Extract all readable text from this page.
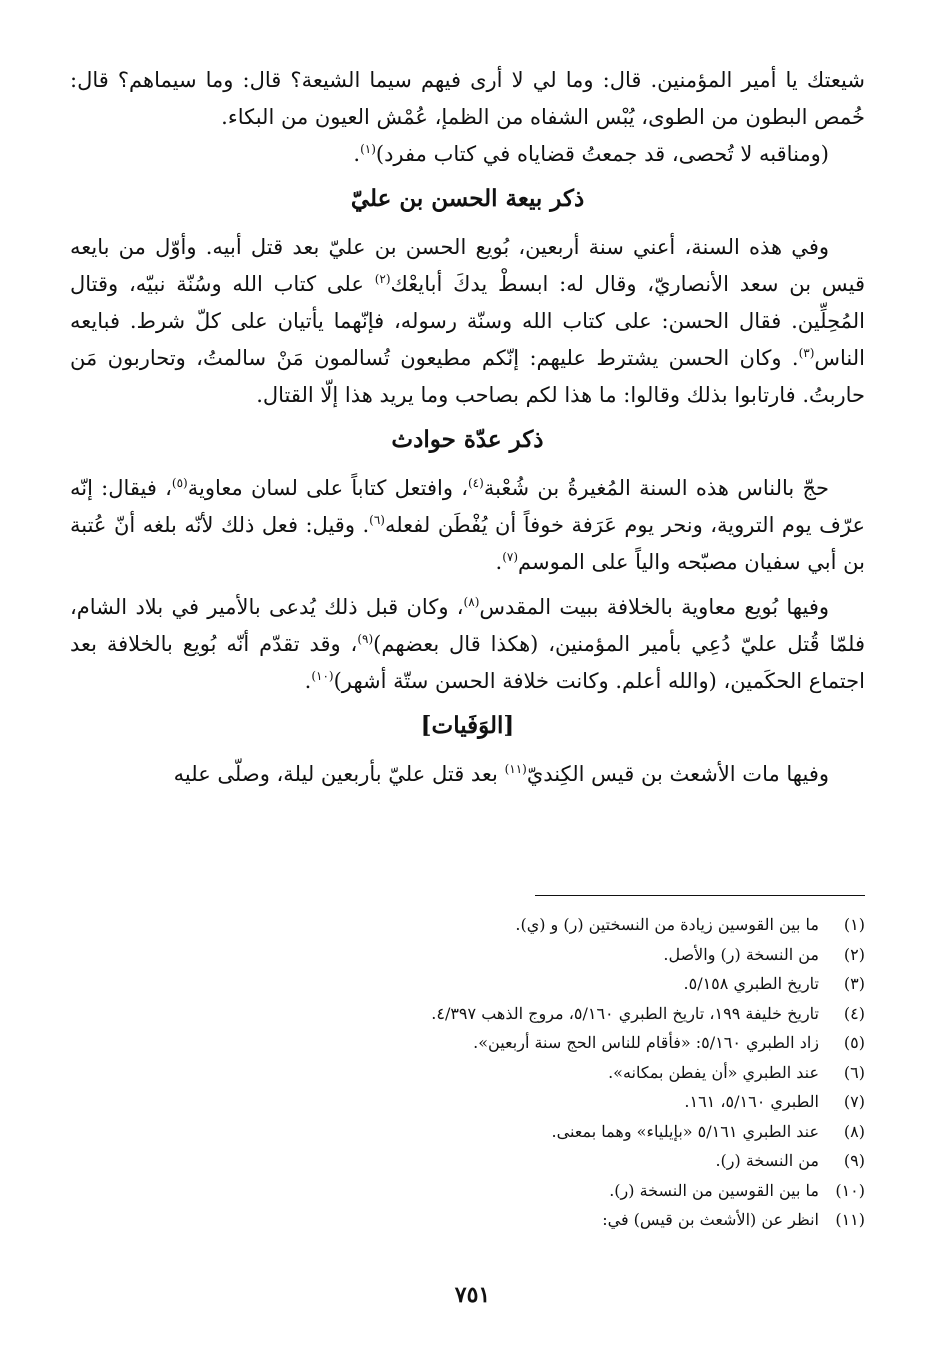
شيعتك يا أمير المؤمنين. قال: وما لي لا أرى فيهم سيما الشيعة؟ قال: وما سيماهم؟ قال: خُمص البطون من الطوى، يُبْس الشفاه من الظمإ، عُمْش العيون من البكاء.

(ومناقبه لا تُحصى، قد جمعتُ قضاياه في كتاب مفرد)$^{(١)}$.

ذكر بيعة الحسن بن عليّ

وفي هذه السنة، أعني سنة أربعين، بُويع الحسن بن عليّ بعد قتل أبيه. وأوّل من بايعه قيس بن سعد الأنصاريّ، وقال له: ابسطْ يدكَ أبايعْك$^{(٢)}$ على كتاب الله وسُنّة نبيّه، وقتال المُحِلِّين. فقال الحسن: على كتاب الله وسنّة رسوله، فإنّهما يأتيان على كلّ شرط. فبايعه الناس$^{(٣)}$. وكان الحسن يشترط عليهم: إنّكم مطيعون تُسالمون مَنْ سالمتُ، وتحاربون مَن حاربتُ. فارتابوا بذلك وقالوا: ما هذا لكم بصاحب وما يريد هذا إلّا القتال.

ذكر عدّة حوادث

حجّ بالناس هذه السنة المُغيرةُ بن شُعْبة$^{(٤)}$، وافتعل كتاباً على لسان معاوية$^{(٥)}$، فيقال: إنّه عرّف يوم التروية، ونحر يوم عَرَفة خوفاً أن يُفْطَن لفعله$^{(٦)}$. وقيل: فعل ذلك لأنّه بلغه أنّ عُتبة بن أبي سفيان مصبّحه والياً على الموسم$^{(٧)}$.

وفيها بُويع معاوية بالخلافة ببيت المقدس$^{(٨)}$، وكان قبل ذلك يُدعى بالأمير في بلاد الشام، فلمّا قُتل عليّ دُعِي بأمير المؤمنين، (هكذا قال بعضهم)$^{(٩)}$، وقد تقدّم أنّه بُويع بالخلافة بعد اجتماع الحكَمين، (والله أعلم. وكانت خلافة الحسن ستّة أشهر)$^{(١٠)}$.

[الوَفَيات]

وفيها مات الأشعث بن قيس الكِنديّ$^{(١١)}$ بعد قتل عليّ بأربعين ليلة، وصلّى عليه

(١)
ما بين القوسين زيادة من النسختين (ر) و (ي).
(٢)
من النسخة (ر) والأصل.
(٣)
تاريخ الطبري ٥/١٥٨.
(٤)
تاريخ خليفة ١٩٩، تاريخ الطبري ٥/١٦٠، مروج الذهب ٤/٣٩٧.
(٥)
زاد الطبري ٥/١٦٠: «فأقام للناس الحج سنة أربعين».
(٦)
عند الطبري «أن يفطن بمكانه».
(٧)
الطبري ٥/١٦٠، ١٦١.
(٨)
عند الطبري ٥/١٦١ «بإيلياء» وهما بمعنى.
(٩)
من النسخة (ر).
(١٠)
ما بين القوسين من النسخة (ر).
(١١)
انظر عن (الأشعث بن قيس) في:
٧٥١
